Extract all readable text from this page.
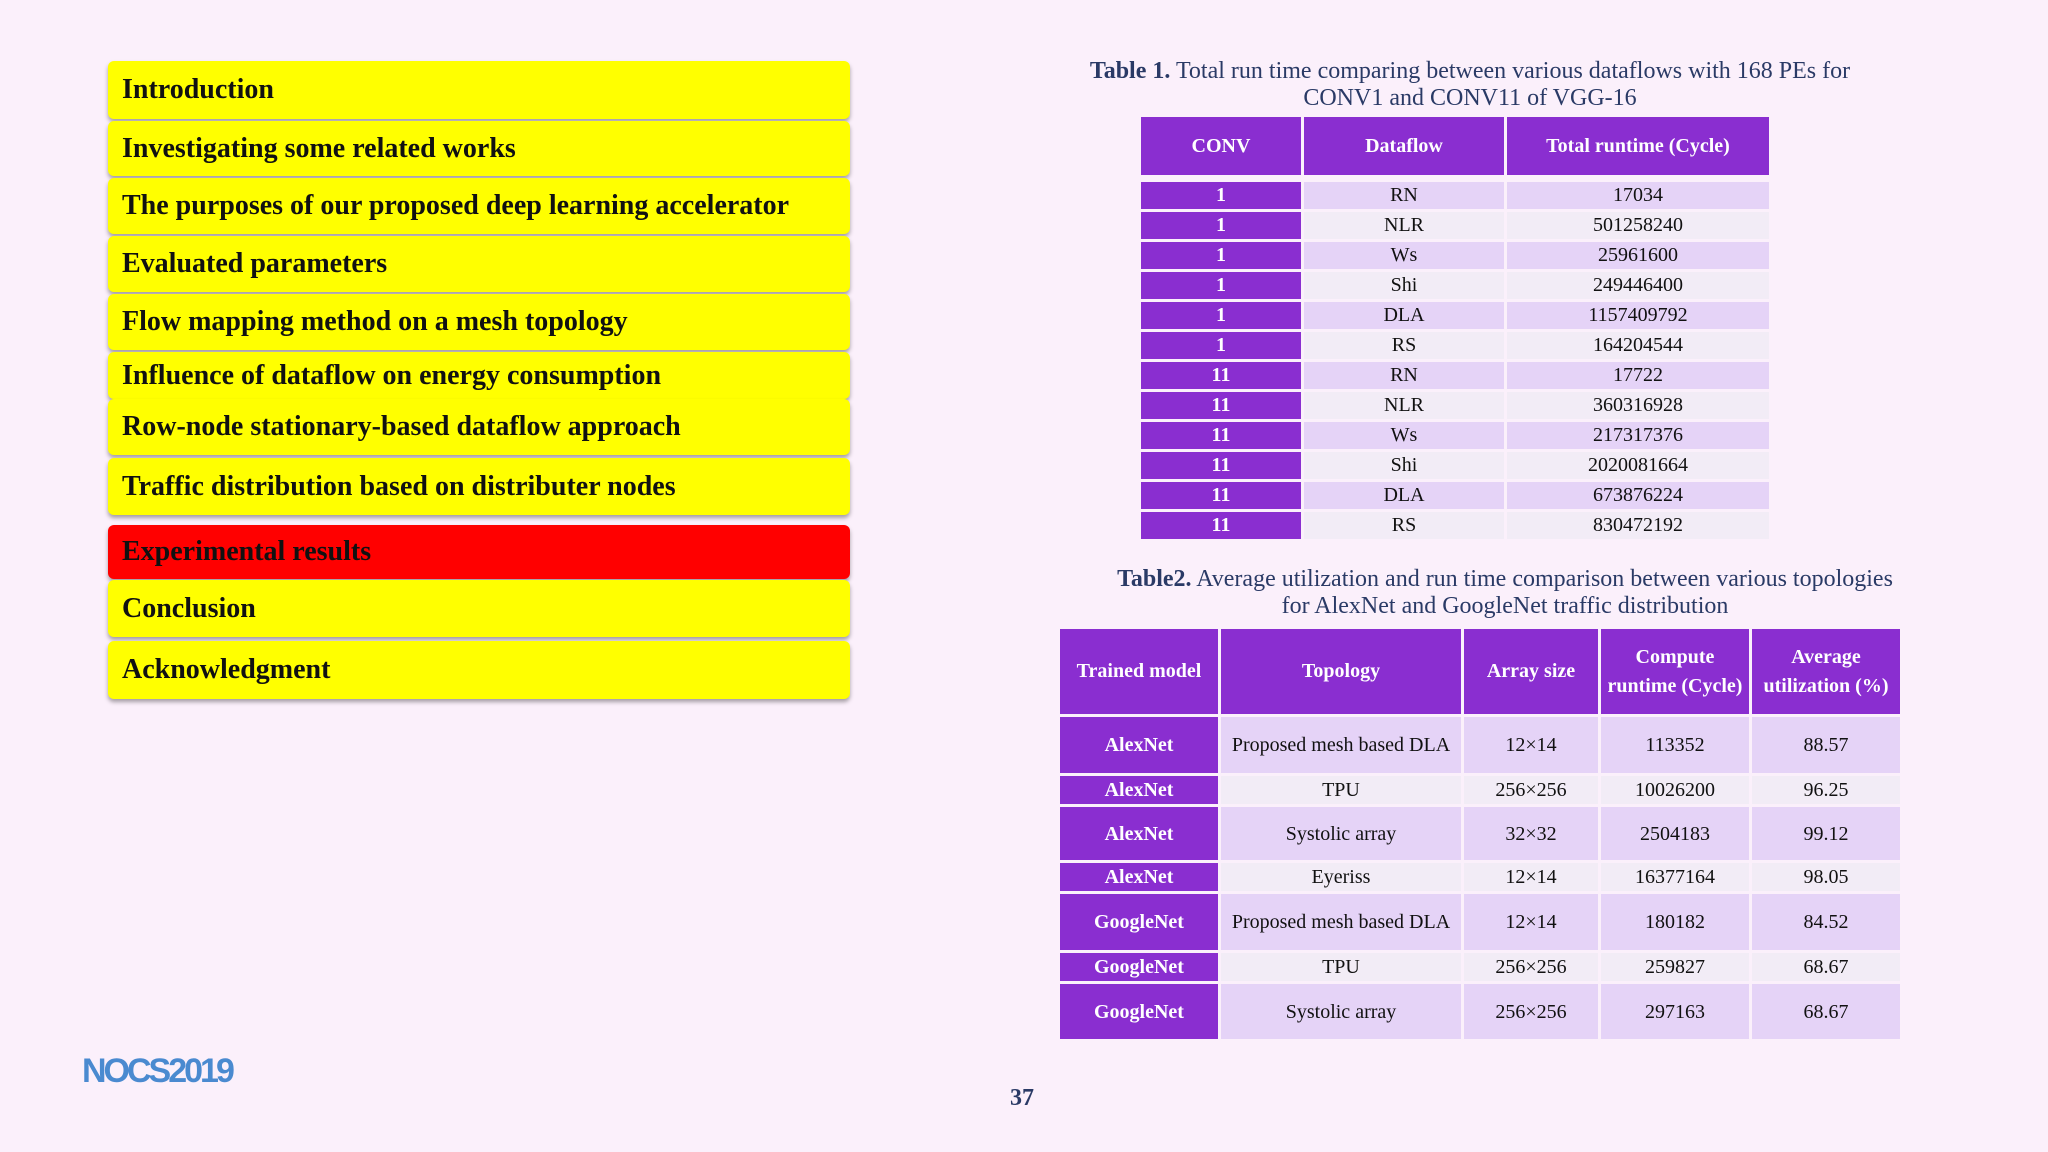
Introduction
Investigating some related works
The purposes of our proposed deep learning accelerator
Evaluated parameters
Flow mapping method on a mesh topology
Influence of dataflow on energy consumption
Row-node stationary-based dataflow approach
Traffic distribution based on distributer nodes
Experimental results
Conclusion
Acknowledgment
Table 1. Total run time comparing between various dataflows with 168 PEs for
CONV1 and CONV11 of VGG-16
CONV	Dataflow	Total runtime (Cycle)

1	RN	17034
1	NLR	501258240
1	Ws	25961600
1	Shi	249446400
1	DLA	1157409792
1	RS	164204544
11	RN	17722
11	NLR	360316928
11	Ws	217317376
11	Shi	2020081664
11	DLA	673876224
11	RS	830472192
Table2. Average utilization and run time comparison between various topologies
for AlexNet and GoogleNet traffic distribution
Trained model	Topology	Array size	Compute runtime (Cycle)	Average utilization (%)
AlexNet	Proposed mesh based DLA	12×14	113352	88.57
AlexNet	TPU	256×256	10026200	96.25
AlexNet	Systolic array	32×32	2504183	99.12
AlexNet	Eyeriss	12×14	16377164	98.05
GoogleNet	Proposed mesh based DLA	12×14	180182	84.52
GoogleNet	TPU	256×256	259827	68.67
GoogleNet	Systolic array	256×256	297163	68.67
NOCS2019
37
